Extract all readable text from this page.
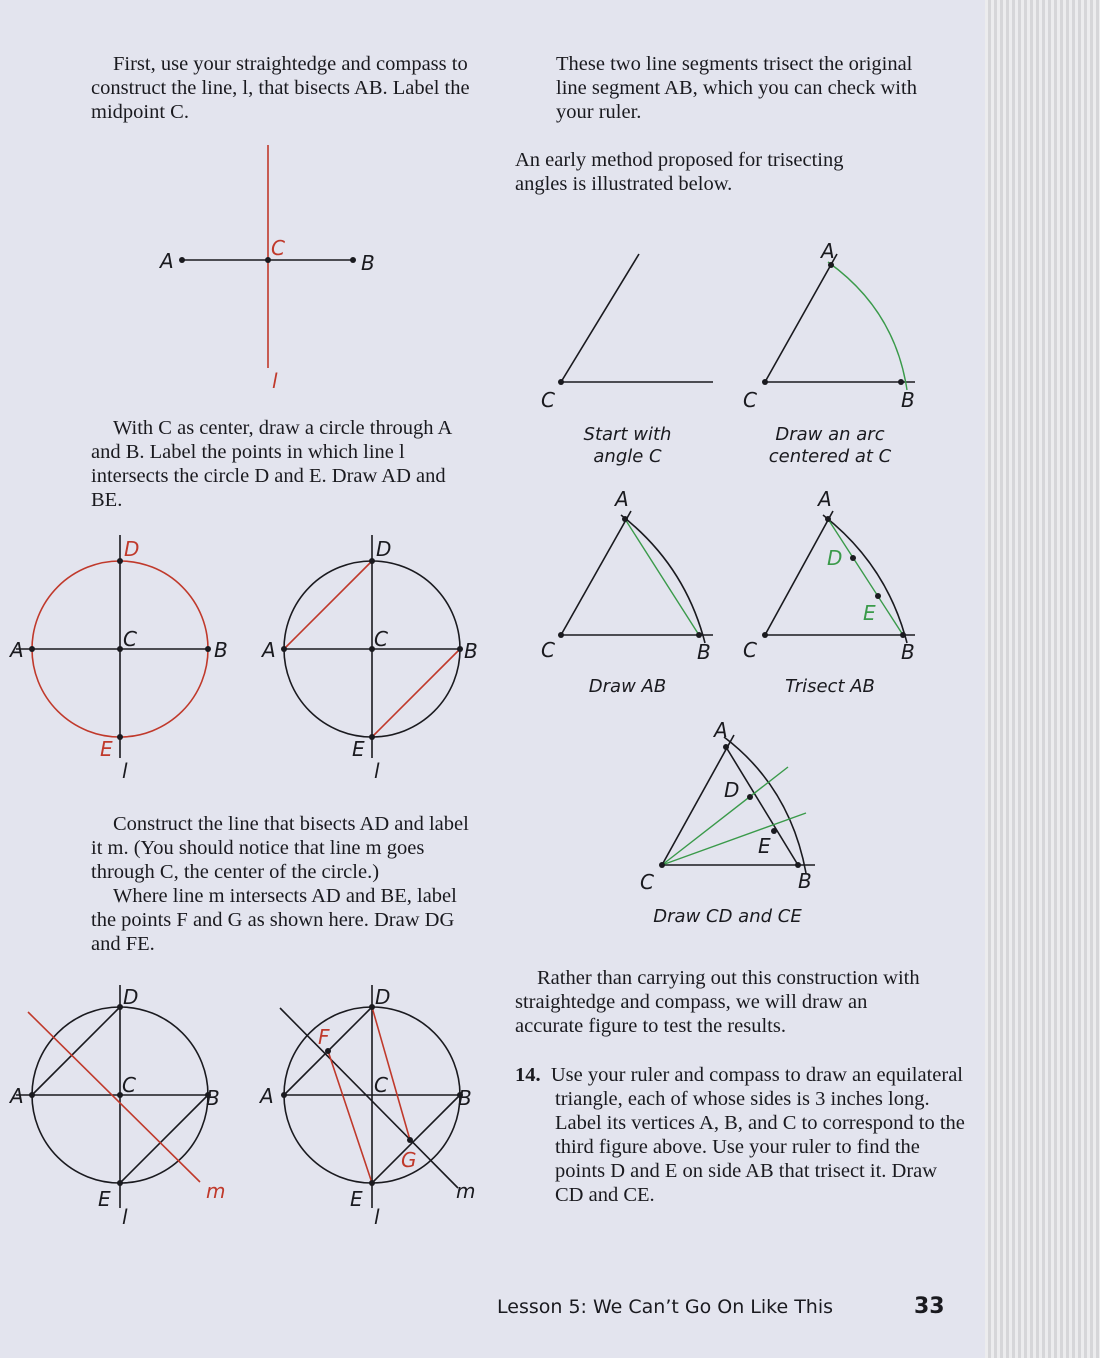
First, use your straightedge and compass to construct the line, l, that bisects AB. Label the midpoint C.

With C as center, draw a circle through A and B. Label the points in which line l intersects the circle D and E. Draw AD and BE.

Construct the line that bisects AD and label it m. (You should notice that line m goes through C, the center of the circle.)

Where line m intersects AD and BE, label the points F and G as shown here. Draw DG and FE.

These two line segments trisect the original line segment AB, which you can check with your ruler.

An early method proposed for trisecting angles is illustrated below.

Rather than carrying out this construction with straightedge and compass, we will draw an accurate figure to test the results.

14. Use your ruler and compass to draw an equilateral triangle, each of whose sides is 3 inches long. Label its vertices A, B, and C to correspond to the third figure above. Use your ruler to find the points D and E on side AB that trisect it. Draw CD and CE.

A	B
C
l
A	B
C
D
E
l
A	B
C
D
E
l
A	B
C
D
E
l
m
A	B
C
D
E
F
G
l
m
C
Start with angle C
C
A
B
Draw an arc centered at C
C
A
B
Draw AB
D
E
C
A
B
Trisect AB
D
E
C
A
B
Draw CD and CE
Lesson 5: We Can’t Go On Like This	33
